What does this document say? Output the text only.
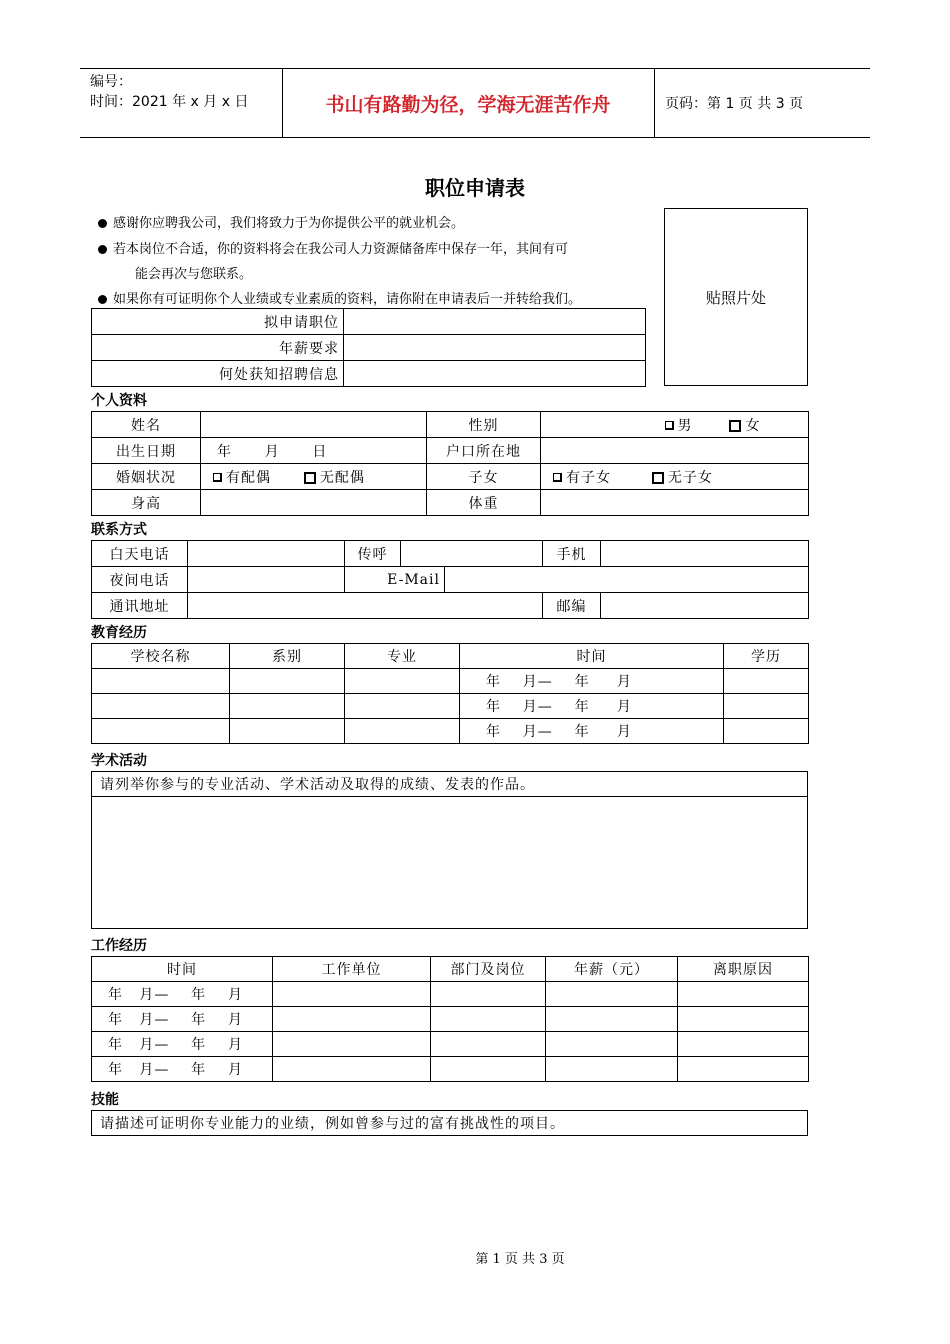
编号：
时间：2021 年 x 月 x 日	书山有路勤为径，学海无涯苦作舟	页码：第 1 页 共 3 页
职位申请表
感谢你应聘我公司，我们将致力于为你提供公平的就业机会。
若本岗位不合适，你的资料将会在我公司人力资源储备库中保存一年，其间有可
能会再次与您联系。
如果你有可证明你个人业绩或专业素质的资料，请你附在申请表后一并转给我们。	贴照片处
拟申请职位	
年薪要求	
何处获知招聘信息	
个人资料
姓名		性别	男 女
出生日期	年      月      日	户口所在地	
婚姻状况	有配偶 无配偶	子女	有子女 无子女
身高		体重	
联系方式
白天电话		传呼			手机	
夜间电话		E-Mail				
通讯地址					邮编	
教育经历
学校名称	系别	专业	时间	学历
			年    月—    年     月	
			年    月—    年     月	
			年    月—    年     月	
学术活动
请列举你参与的专业活动、学术活动及取得的成绩、发表的作品。

工作经历
时间	工作单位	部门及岗位	年薪（元）	离职原因
年   月—    年    月				
年   月—    年    月				
年   月—    年    月				
年   月—    年    月				
技能
请描述可证明你专业能力的业绩，例如曾参与过的富有挑战性的项目。
第 1 页 共 3 页
